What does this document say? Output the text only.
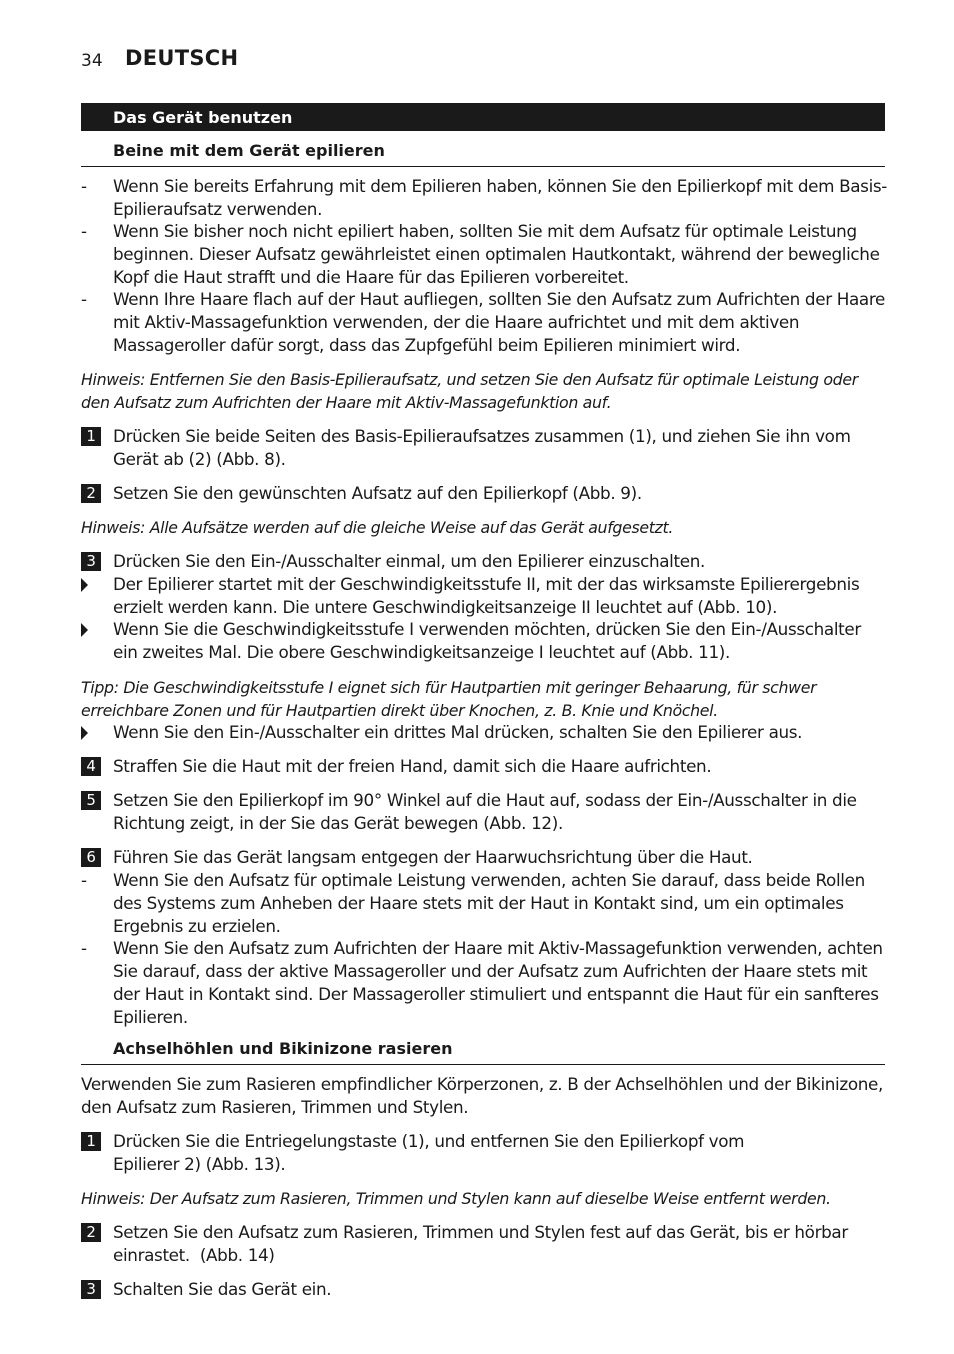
34 DEUTSCH
Das Gerät benutzen
Beine mit dem Gerät epilieren
- Wenn Sie bereits Erfahrung mit dem Epilieren haben, können Sie den Epilierkopf mit dem Basis-Epilieraufsatz verwenden.
- Wenn Sie bisher noch nicht epiliert haben, sollten Sie mit dem Aufsatz für optimale Leistung beginnen. Dieser Aufsatz gewährleistet einen optimalen Hautkontakt, während der bewegliche Kopf die Haut strafft und die Haare für das Epilieren vorbereitet.
- Wenn Ihre Haare flach auf der Haut aufliegen, sollten Sie den Aufsatz zum Aufrichten der Haare mit Aktiv-Massagefunktion verwenden, der die Haare aufrichtet und mit dem aktiven Massageroller dafür sorgt, dass das Zupfgefühl beim Epilieren minimiert wird.
Hinweis: Entfernen Sie den Basis-Epilieraufsatz, und setzen Sie den Aufsatz für optimale Leistung oder den Aufsatz zum Aufrichten der Haare mit Aktiv-Massagefunktion auf.
1	Drücken Sie beide Seiten des Basis-Epilieraufsatzes zusammen (1), und ziehen Sie ihn vom Gerät ab (2) (Abb. 8).
2	Setzen Sie den gewünschten Aufsatz auf den Epilierkopf (Abb. 9).
Hinweis: Alle Aufsätze werden auf die gleiche Weise auf das Gerät aufgesetzt.
3	Drücken Sie den Ein-/Ausschalter einmal, um den Epilierer einzuschalten.
Der Epilierer startet mit der Geschwindigkeitsstufe II, mit der das wirksamste Epilierergebnis erzielt werden kann. Die untere Geschwindigkeitsanzeige II leuchtet auf (Abb. 10).
Wenn Sie die Geschwindigkeitsstufe I verwenden möchten, drücken Sie den Ein-/Ausschalter ein zweites Mal. Die obere Geschwindigkeitsanzeige I leuchtet auf (Abb. 11).
Tipp: Die Geschwindigkeitsstufe I eignet sich für Hautpartien mit geringer Behaarung, für schwer erreichbare Zonen und für Hautpartien direkt über Knochen, z. B. Knie und Knöchel.
Wenn Sie den Ein-/Ausschalter ein drittes Mal drücken, schalten Sie den Epilierer aus.
4	Straffen Sie die Haut mit der freien Hand, damit sich die Haare aufrichten.
5	Setzen Sie den Epilierkopf im 90° Winkel auf die Haut auf, sodass der Ein-/Ausschalter in die Richtung zeigt, in der Sie das Gerät bewegen (Abb. 12).
6	Führen Sie das Gerät langsam entgegen der Haarwuchsrichtung über die Haut.
- Wenn Sie den Aufsatz für optimale Leistung verwenden, achten Sie darauf, dass beide Rollen des Systems zum Anheben der Haare stets mit der Haut in Kontakt sind, um ein optimales Ergebnis zu erzielen.
- Wenn Sie den Aufsatz zum Aufrichten der Haare mit Aktiv-Massagefunktion verwenden, achten Sie darauf, dass der aktive Massageroller und der Aufsatz zum Aufrichten der Haare stets mit der Haut in Kontakt sind. Der Massageroller stimuliert und entspannt die Haut für ein sanfteres Epilieren.
Achselhöhlen und Bikinizone rasieren
Verwenden Sie zum Rasieren empfindlicher Körperzonen, z. B der Achselhöhlen und der Bikinizone, den Aufsatz zum Rasieren, Trimmen und Stylen.
1	Drücken Sie die Entriegelungstaste (1), und entfernen Sie den Epilierkopf vom Epilierer 2) (Abb. 13).
Hinweis: Der Aufsatz zum Rasieren, Trimmen und Stylen kann auf dieselbe Weise entfernt werden.
2	Setzen Sie den Aufsatz zum Rasieren, Trimmen und Stylen fest auf das Gerät, bis er hörbar einrastet.  (Abb. 14)
3	Schalten Sie das Gerät ein.
